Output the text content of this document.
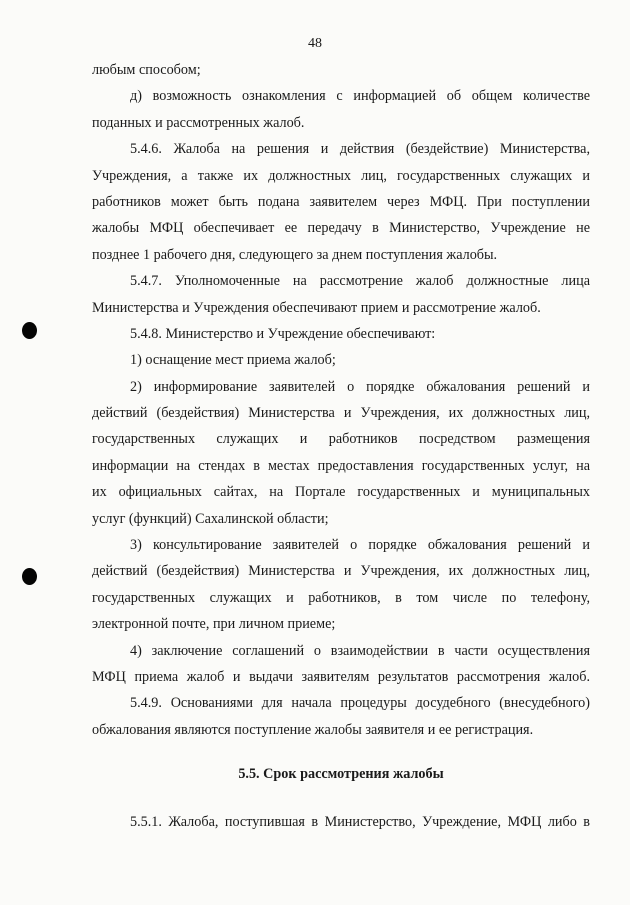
48
любым способом;
д) возможность ознакомления с информацией об общем количестве
поданных и рассмотренных жалоб.
5.4.6. Жалоба на решения и действия (бездействие) Министерства,
Учреждения, а также их должностных лиц, государственных служащих и
работников может быть подана заявителем через МФЦ. При поступлении
жалобы МФЦ обеспечивает ее передачу в Министерство, Учреждение не
позднее 1 рабочего дня, следующего за днем поступления жалобы.
5.4.7. Уполномоченные на рассмотрение жалоб должностные лица
Министерства и Учреждения обеспечивают прием и рассмотрение жалоб.
5.4.8. Министерство и Учреждение обеспечивают:
1) оснащение мест приема жалоб;
2) информирование заявителей о порядке обжалования решений и
действий (бездействия) Министерства и Учреждения, их должностных лиц,
государственных служащих и работников посредством размещения
информации на стендах в местах предоставления государственных услуг, на
их официальных сайтах, на Портале государственных и муниципальных
услуг (функций) Сахалинской области;
3) консультирование заявителей о порядке обжалования решений и
действий (бездействия) Министерства и Учреждения, их должностных лиц,
государственных служащих и работников, в том числе по телефону,
электронной почте, при личном приеме;
4) заключение соглашений о взаимодействии в части осуществления
МФЦ приема жалоб и выдачи заявителям результатов рассмотрения жалоб.
5.4.9. Основаниями для начала процедуры досудебного (внесудебного)
обжалования являются поступление жалобы заявителя и ее регистрация.
5.5. Срок рассмотрения жалобы
5.5.1. Жалоба, поступившая в Министерство, Учреждение, МФЦ либо в
